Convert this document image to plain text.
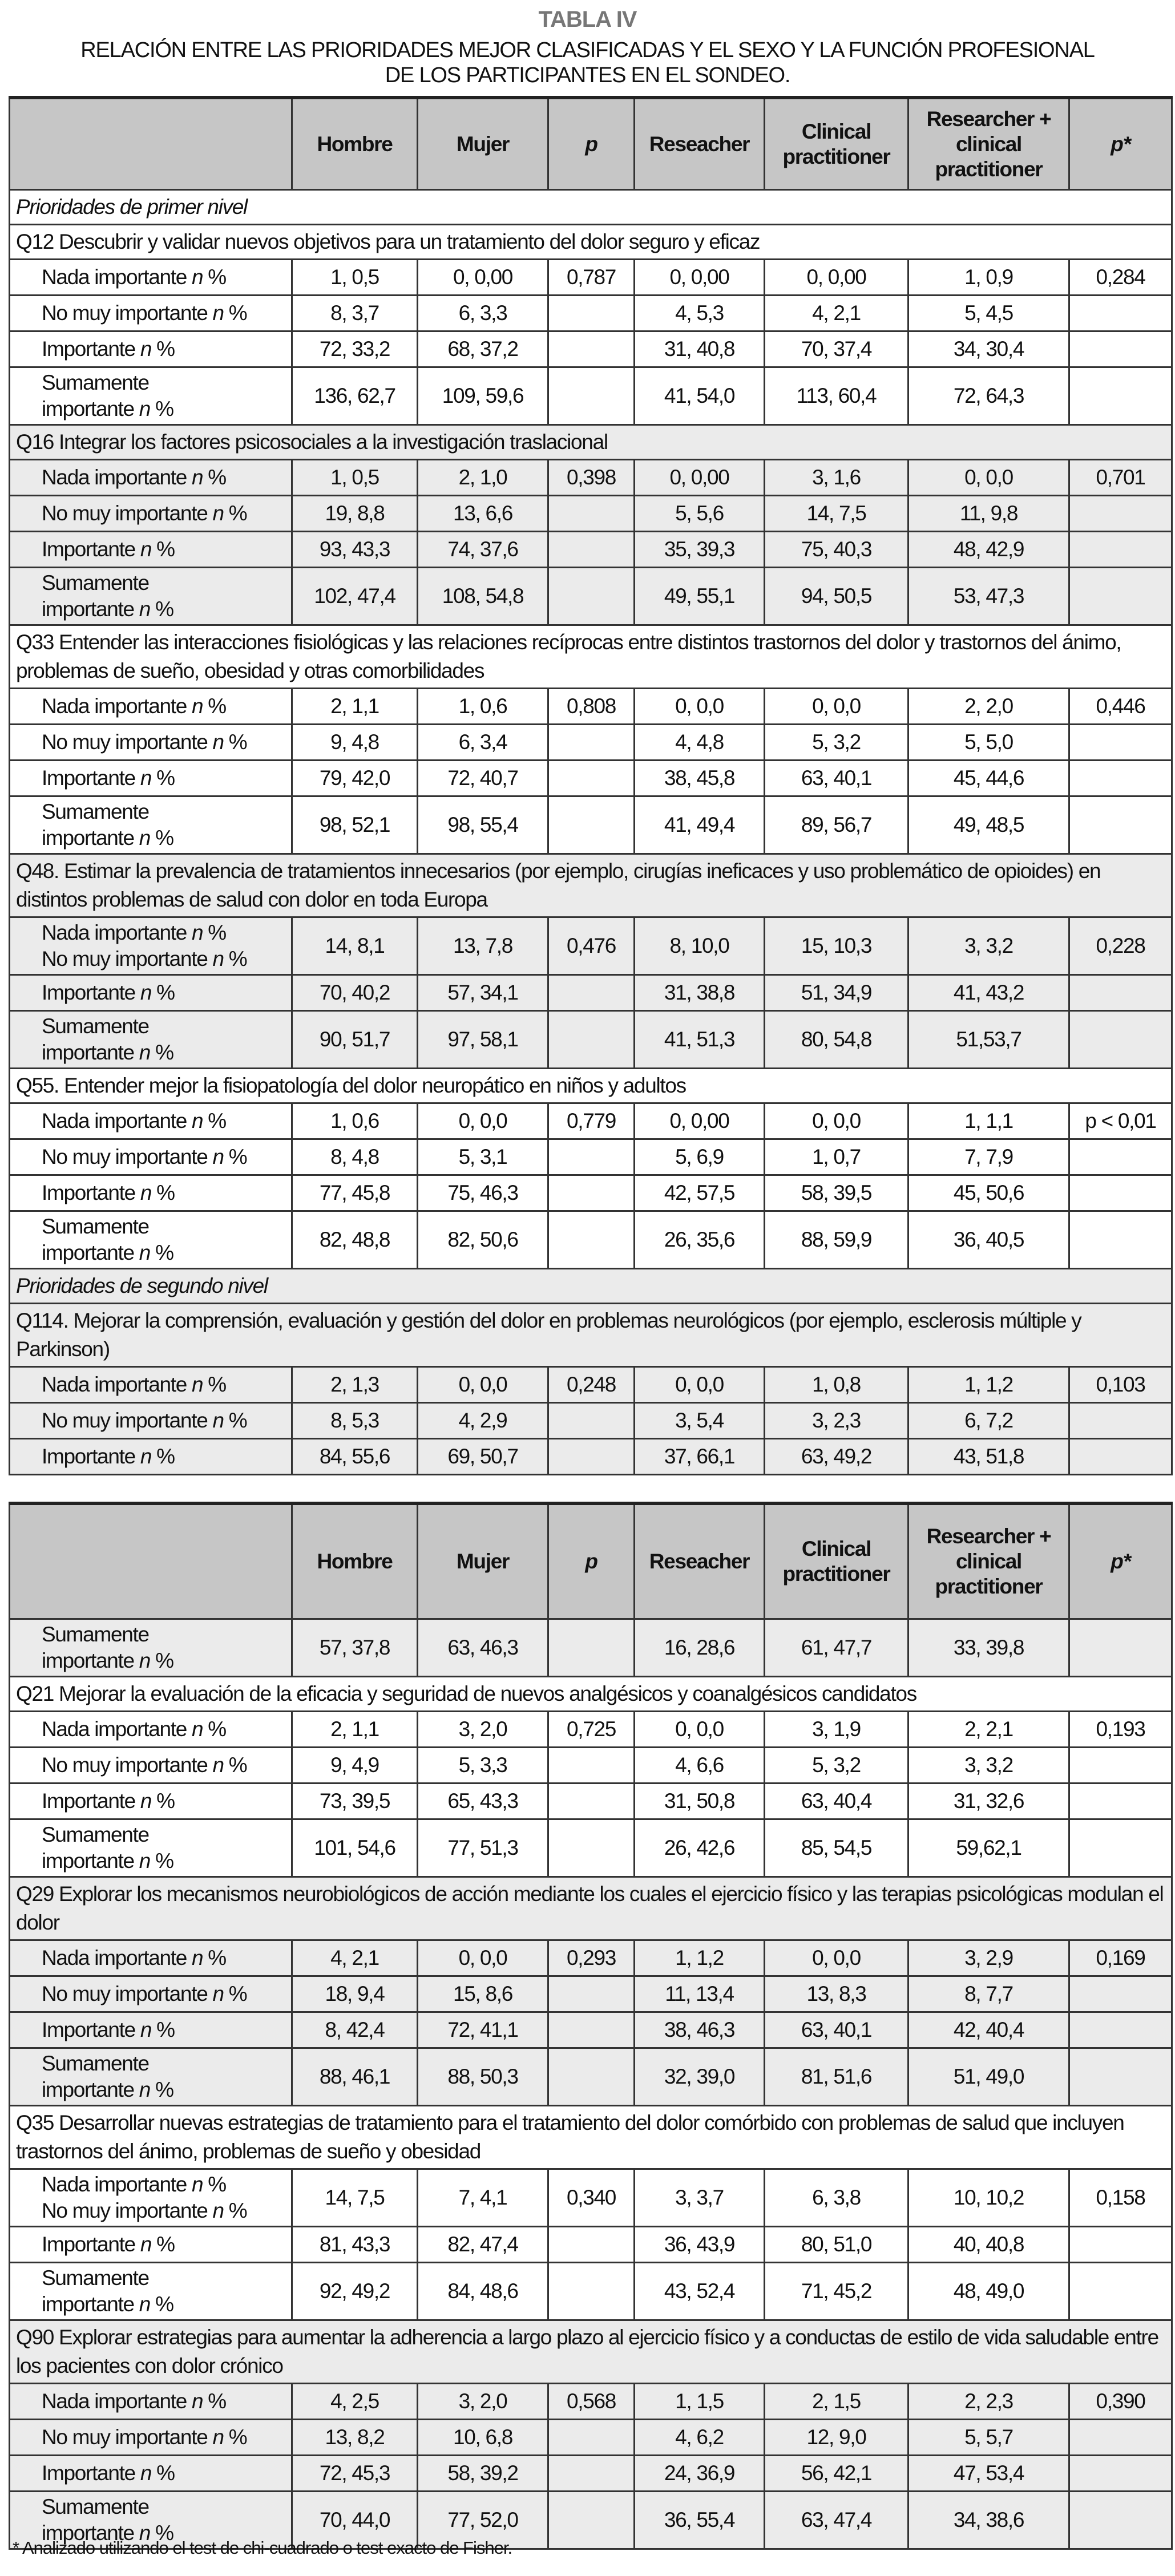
TABLA IV
RELACIÓN ENTRE LAS PRIORIDADES MEJOR CLASIFICADAS Y EL SEXO Y LA FUNCIÓN PROFESIONAL
DE LOS PARTICIPANTES EN EL SONDEO.

	Hombre	Mujer	p	Reseacher	Clinical practitioner	Researcher + clinical practitioner	p*

Prioridades de primer nivel							
Q12 Descubrir y validar nuevos objetivos para un tratamiento del dolor seguro y eficaz							

Nada importante n %	1, 0,5	0, 0,00	0,787	0, 0,00	0, 0,00	1, 0,9	0,284

No muy importante n %	8, 3,7	6, 3,3		4, 5,3	4, 2,1	5, 4,5	

Importante n %	72, 33,2	68, 37,2		31, 40,8	70, 37,4	34, 30,4	

Sumamente
importante n %	136, 62,7	109, 59,6		41, 54,0	113, 60,4	72, 64,3	
Q16 Integrar los factores psicosociales a la investigación traslacional							

Nada importante n %	1, 0,5	2, 1,0	0,398	0, 0,00	3, 1,6	0, 0,0	0,701

No muy importante n %	19, 8,8	13, 6,6		5, 5,6	14, 7,5	11, 9,8	

Importante n %	93, 43,3	74, 37,6		35, 39,3	75, 40,3	48, 42,9	

Sumamente
importante n %	102, 47,4	108, 54,8		49, 55,1	94, 50,5	53, 47,3	
Q33 Entender las interacciones fisiológicas y las relaciones recíprocas entre distintos trastornos del dolor y trastornos del ánimo, problemas de sueño, obesidad y otras comorbilidades							

Nada importante n %	2, 1,1	1, 0,6	0,808	0, 0,0	0, 0,0	2, 2,0	0,446

No muy importante n %	9, 4,8	6, 3,4		4, 4,8	5, 3,2	5, 5,0	

Importante n %	79, 42,0	72, 40,7		38, 45,8	63, 40,1	45, 44,6	

Sumamente
importante n %	98, 52,1	98, 55,4		41, 49,4	89, 56,7	49, 48,5	
Q48. Estimar la prevalencia de tratamientos innecesarios (por ejemplo, cirugías ineficaces y uso problemático de opioides) en distintos problemas de salud con dolor en toda Europa							

Nada importante n %
No muy importante n %	14, 8,1	13, 7,8	0,476	8, 10,0	15, 10,3	3, 3,2	0,228

Importante n %	70, 40,2	57, 34,1		31, 38,8	51, 34,9	41, 43,2	

Sumamente
importante n %	90, 51,7	97, 58,1		41, 51,3	80, 54,8	51,53,7	
Q55. Entender mejor la fisiopatología del dolor neuropático en niños y adultos							

Nada importante n %	1, 0,6	0, 0,0	0,779	0, 0,00	0, 0,0	1, 1,1	p < 0,01

No muy importante n %	8, 4,8	5, 3,1		5, 6,9	1, 0,7	7, 7,9	

Importante n %	77, 45,8	75, 46,3		42, 57,5	58, 39,5	45, 50,6	

Sumamente
importante n %	82, 48,8	82, 50,6		26, 35,6	88, 59,9	36, 40,5	
Prioridades de segundo nivel							
Q114. Mejorar la comprensión, evaluación y gestión del dolor en problemas neurológicos (por ejemplo, esclerosis múltiple y Parkinson)							

Nada importante n %	2, 1,3	0, 0,0	0,248	0, 0,0	1, 0,8	1, 1,2	0,103

No muy importante n %	8, 5,3	4, 2,9		3, 5,4	3, 2,3	6, 7,2	

Importante n %	84, 55,6	69, 50,7		37, 66,1	63, 49,2	43, 51,8	

	Hombre	Mujer	p	Reseacher	Clinical practitioner	Researcher + clinical practitioner	p*

Sumamente
importante n %	57, 37,8	63, 46,3		16, 28,6	61, 47,7	33, 39,8	
Q21 Mejorar la evaluación de la eficacia y seguridad de nuevos analgésicos y coanalgésicos candidatos							

Nada importante n %	2, 1,1	3, 2,0	0,725	0, 0,0	3, 1,9	2, 2,1	0,193

No muy importante n %	9, 4,9	5, 3,3		4, 6,6	5, 3,2	3, 3,2	

Importante n %	73, 39,5	65, 43,3		31, 50,8	63, 40,4	31, 32,6	

Sumamente
importante n %	101, 54,6	77, 51,3		26, 42,6	85, 54,5	59,62,1	
Q29 Explorar los mecanismos neurobiológicos de acción mediante los cuales el ejercicio físico y las terapias psicológicas modulan el dolor							

Nada importante n %	4, 2,1	0, 0,0	0,293	1, 1,2	0, 0,0	3, 2,9	0,169

No muy importante n %	18, 9,4	15, 8,6		11, 13,4	13, 8,3	8, 7,7	

Importante n %	8, 42,4	72, 41,1		38, 46,3	63, 40,1	42, 40,4	

Sumamente
importante n %	88, 46,1	88, 50,3		32, 39,0	81, 51,6	51, 49,0	
Q35 Desarrollar nuevas estrategias de tratamiento para el tratamiento del dolor comórbido con problemas de salud que incluyen trastornos del ánimo, problemas de sueño y obesidad							

Nada importante n %
No muy importante n %	14, 7,5	7, 4,1	0,340	3, 3,7	6, 3,8	10, 10,2	0,158

Importante n %	81, 43,3	82, 47,4		36, 43,9	80, 51,0	40, 40,8	

Sumamente
importante n %	92, 49,2	84, 48,6		43, 52,4	71, 45,2	48, 49,0	
Q90 Explorar estrategias para aumentar la adherencia a largo plazo al ejercicio físico y a conductas de estilo de vida saludable entre los pacientes con dolor crónico							

Nada importante n %	4, 2,5	3, 2,0	0,568	1, 1,5	2, 1,5	2, 2,3	0,390

No muy importante n %	13, 8,2	10, 6,8		4, 6,2	12, 9,0	5, 5,7	

Importante n %	72, 45,3	58, 39,2		24, 36,9	56, 42,1	47, 53,4	

Sumamente
importante n %	70, 44,0	77, 52,0		36, 55,4	63, 47,4	34, 38,6	
* Analizado utilizando el test de chi-cuadrado o test exacto de Fisher.
